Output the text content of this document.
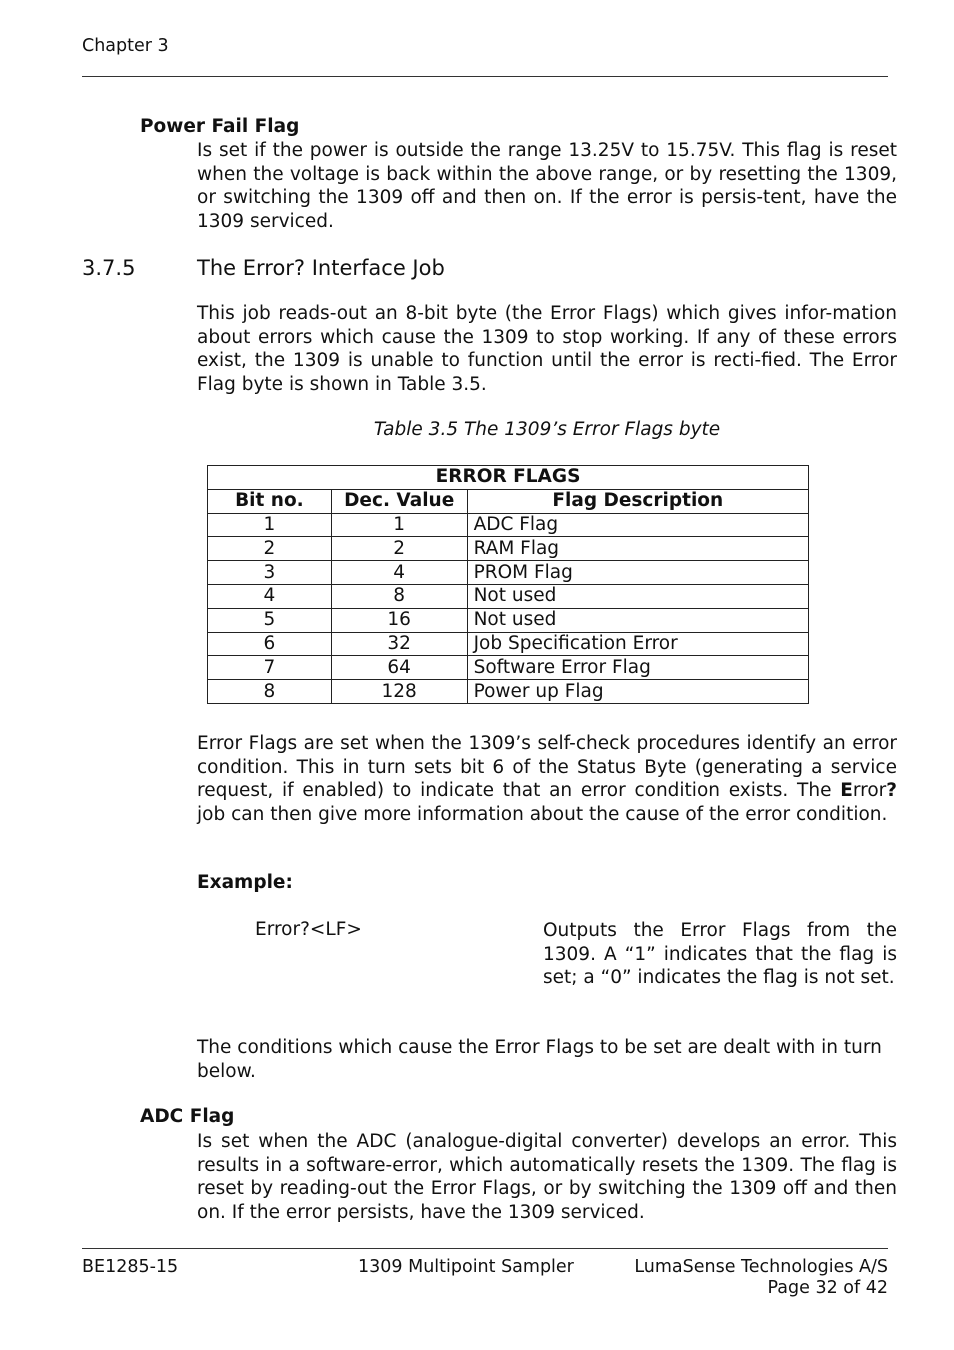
Chapter 3
Power Fail Flag
Is set if the power is outside the range 13.25V to 15.75V. This flag is reset when the voltage is back within the above range, or by resetting the 1309, or switching the 1309 off and then on. If the error is persis-tent, have the 1309 serviced.
3.7.5	The Error? Interface Job
This job reads-out an 8-bit byte (the Error Flags) which gives infor-mation about errors which cause the 1309 to stop working. If any of these errors exist, the 1309 is unable to function until the error is recti-fied. The Error Flag byte is shown in Table 3.5.
Table 3.5 The 1309’s Error Flags byte
ERROR FLAGS		
Bit no.	Dec. Value	Flag Description
1	1	ADC Flag
2	2	RAM Flag
3	4	PROM Flag
4	8	Not used
5	16	Not used
6	32	Job Specification Error
7	64	Software Error Flag
8	128	Power up Flag
Error Flags are set when the 1309’s self-check procedures identify an error condition. This in turn sets bit 6 of the Status Byte (generating a service request, if enabled) to indicate that an error condition exists. The Error? job can then give more information about the cause of the error condition.
Example:
Error?<LF>	Outputs the Error Flags from the 1309. A “1” indicates that the flag is set; a “0” indicates the flag is not set.
The conditions which cause the Error Flags to be set are dealt with in turn below.
ADC Flag
Is set when the ADC (analogue-digital converter) develops an error. This results in a software-error, which automatically resets the 1309. The flag is reset by reading-out the Error Flags, or by switching the 1309 off and then on. If the error persists, have the 1309 serviced.
BE1285-15	1309 Multipoint Sampler	LumaSense Technologies A/S
Page 32 of 42
